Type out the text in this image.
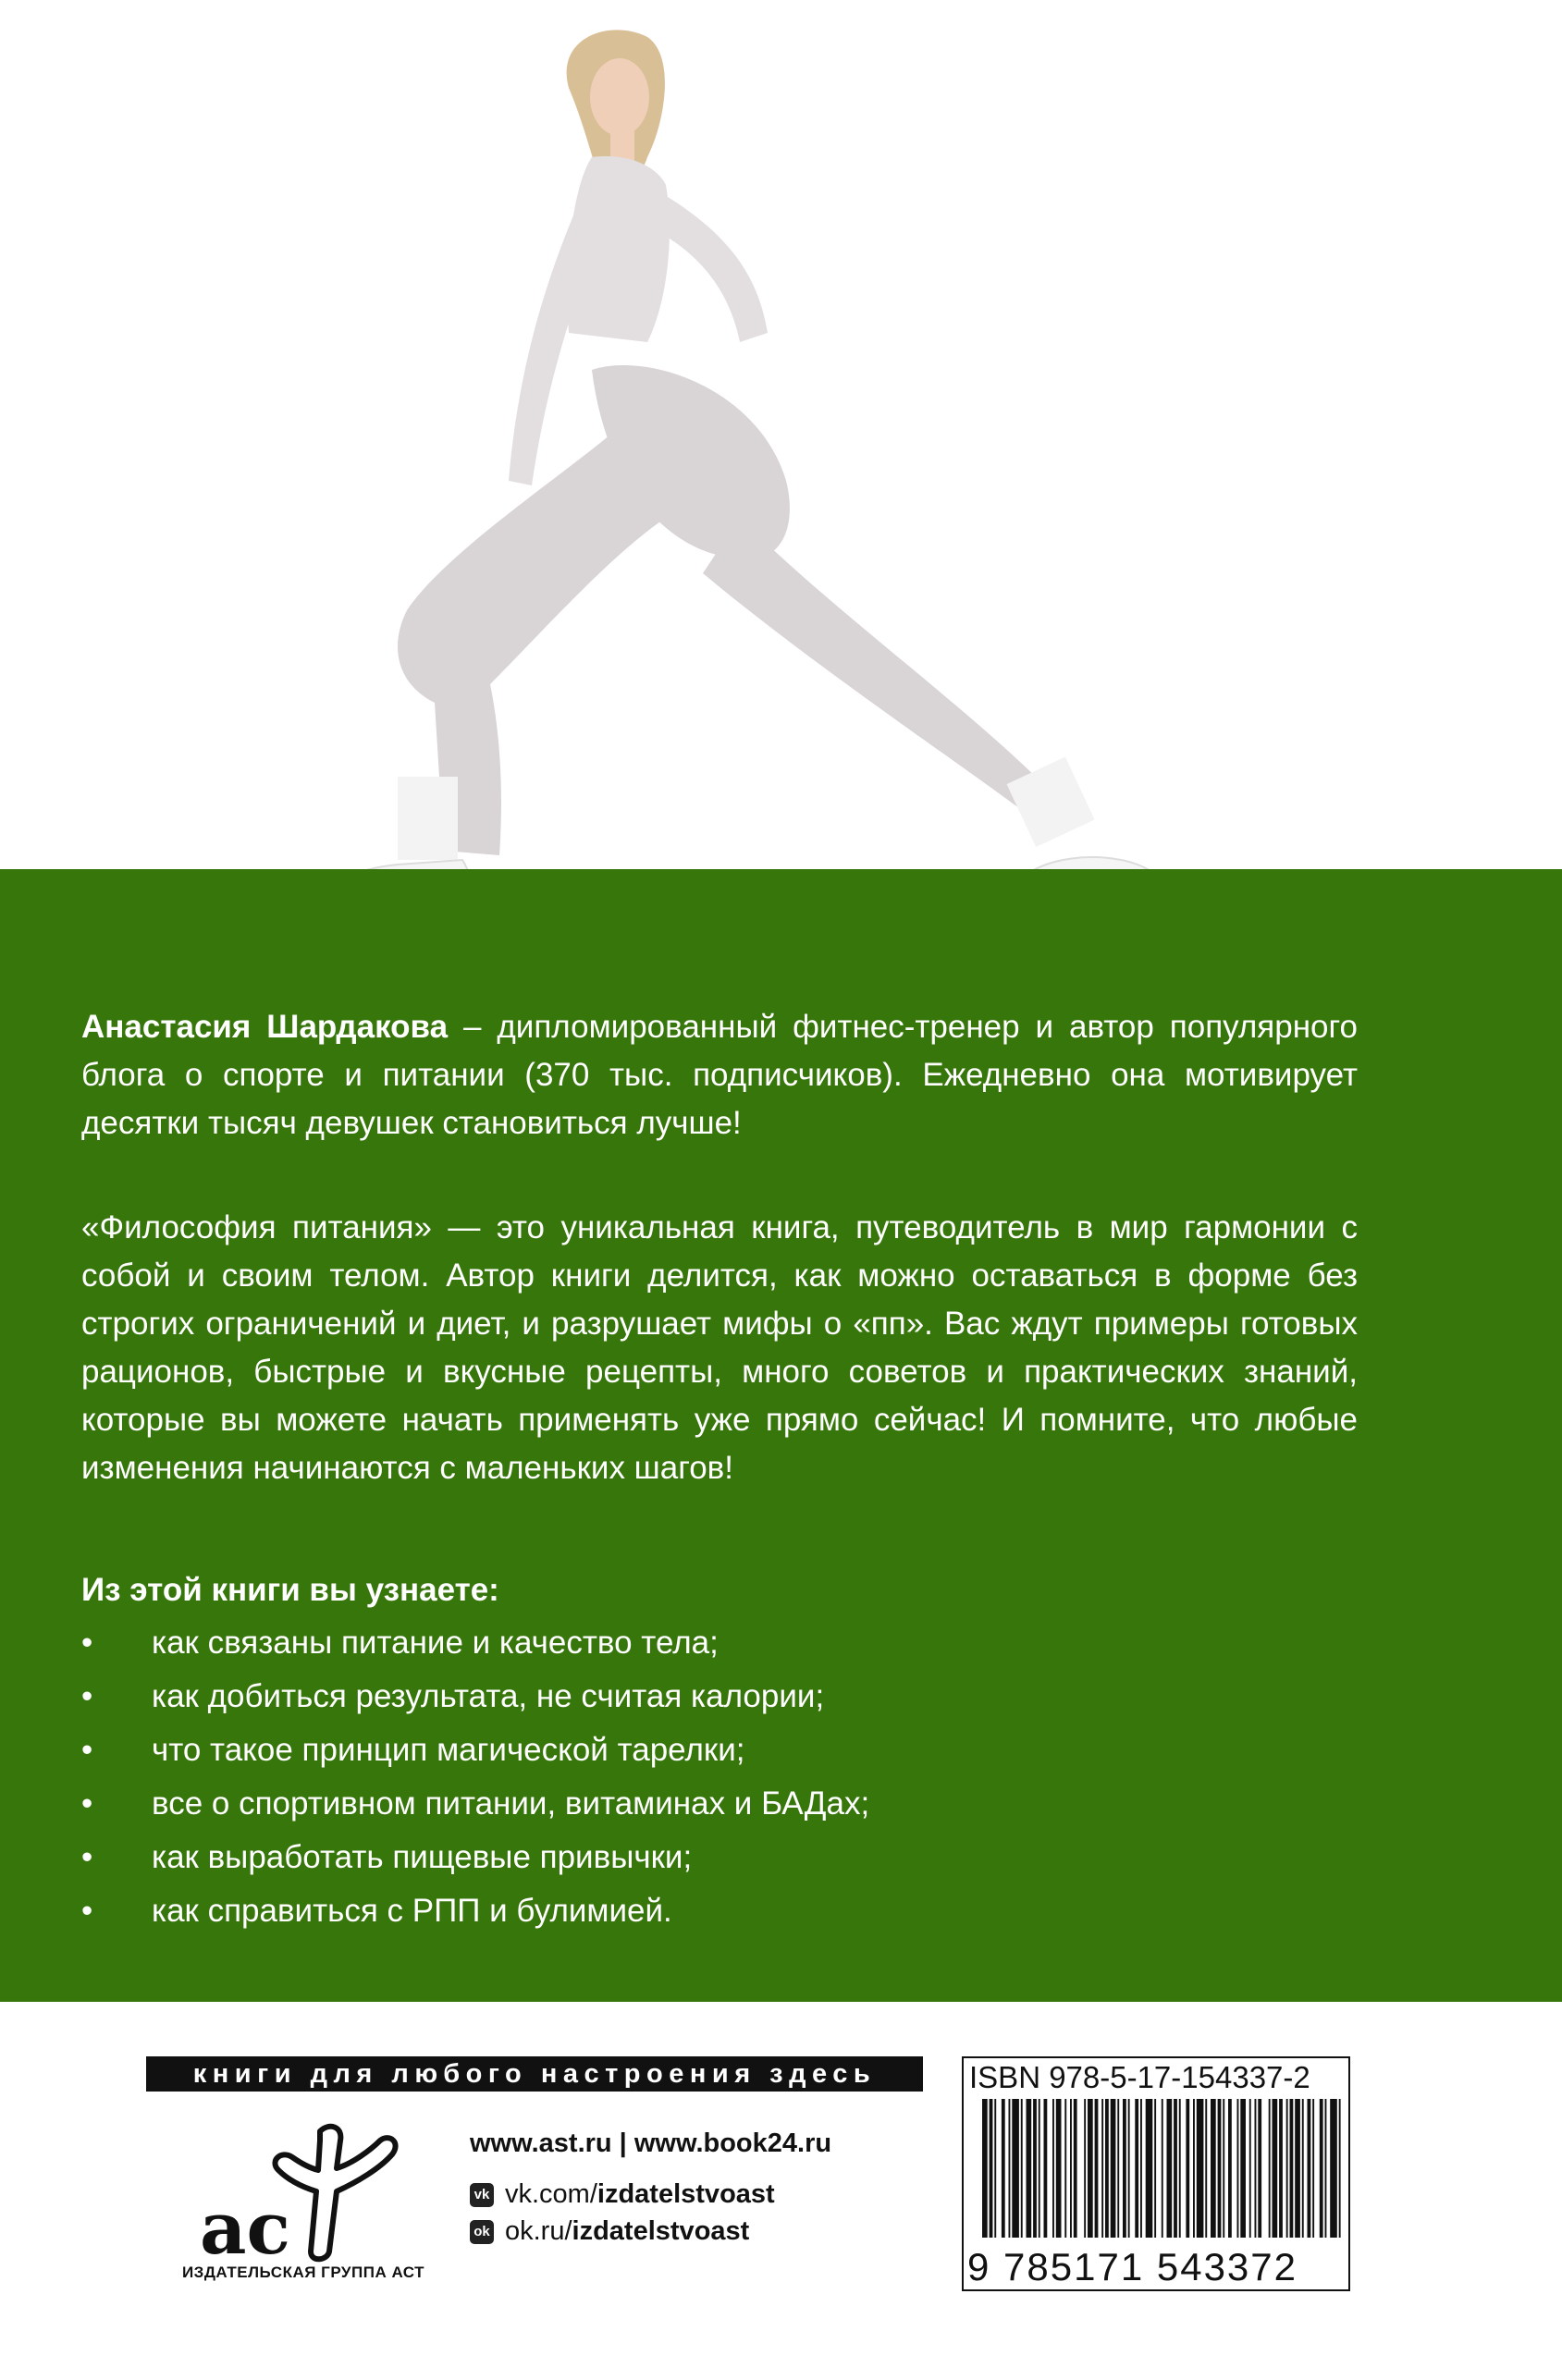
Анастасия Шардакова – дипломированный фитнес-тренер и автор популярного блога о спорте и питании (370 тыс. подписчиков). Ежедневно она мотивирует десятки тысяч девушек становиться лучше!

«Философия питания» — это уникальная книга, путеводитель в мир гармонии с собой и своим телом. Автор книги делится, как можно оставаться в форме без строгих ограничений и диет, и разрушает мифы о «пп». Вас ждут примеры готовых рационов, быстрые и вкусные рецепты, много советов и практических знаний, которые вы можете начать применять уже прямо сейчас! И помните, что любые изменения начинаются с маленьких шагов!

Из этой книги вы узнаете:
•	как связаны питание и качество тела;
•	как добиться результата, не считая калории;
•	что такое принцип магической тарелки;
•	все о спортивном питании, витаминах и БАДах;
•	как выработать пищевые привычки;
•	как справиться с РПП и булимией.
книги для любого настроения здесь
ac
ИЗДАТЕЛЬСКАЯ ГРУППА АСТ
www.ast.ru | www.book24.ru
vk vk.com/ izdatelstvoast
ok ok.ru/ izdatelstvoast
ISBN 978-5-17-154337-2
9 785171 543372
